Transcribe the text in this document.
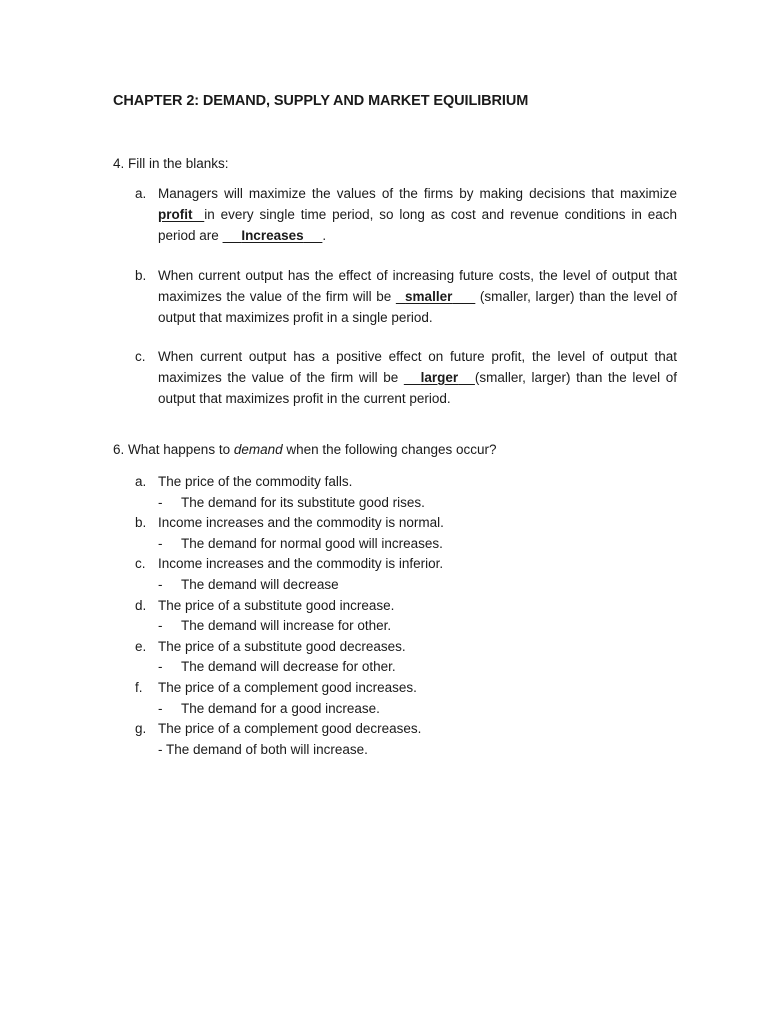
CHAPTER 2: DEMAND, SUPPLY AND MARKET EQUILIBRIUM
4. Fill in the blanks:
a. Managers will maximize the values of the firms by making decisions that maximize profit in every single time period, so long as cost and revenue conditions in each period are      Increases .
b. When current output has the effect of increasing future costs, the level of output that maximizes the value of the firm will be   smaller      (smaller, larger) than the level of output that maximizes profit in a single period.
c. When current output has a positive effect on future profit, the level of output that maximizes the value of the firm will be    larger (smaller, larger) than the level of output that maximizes profit in the current period.
6. What happens to demand when the following changes occur?
a. The price of the commodity falls.
- The demand for its substitute good rises.
b. Income increases and the commodity is normal.
- The demand for normal good will increases.
c. Income increases and the commodity is inferior.
- The demand will decrease
d. The price of a substitute good increase.
- The demand will increase for other.
e. The price of a substitute good decreases.
- The demand will decrease for other.
f. The price of a complement good increases.
- The demand for a good increase.
g. The price of a complement good decreases.
- The demand of both will increase.
